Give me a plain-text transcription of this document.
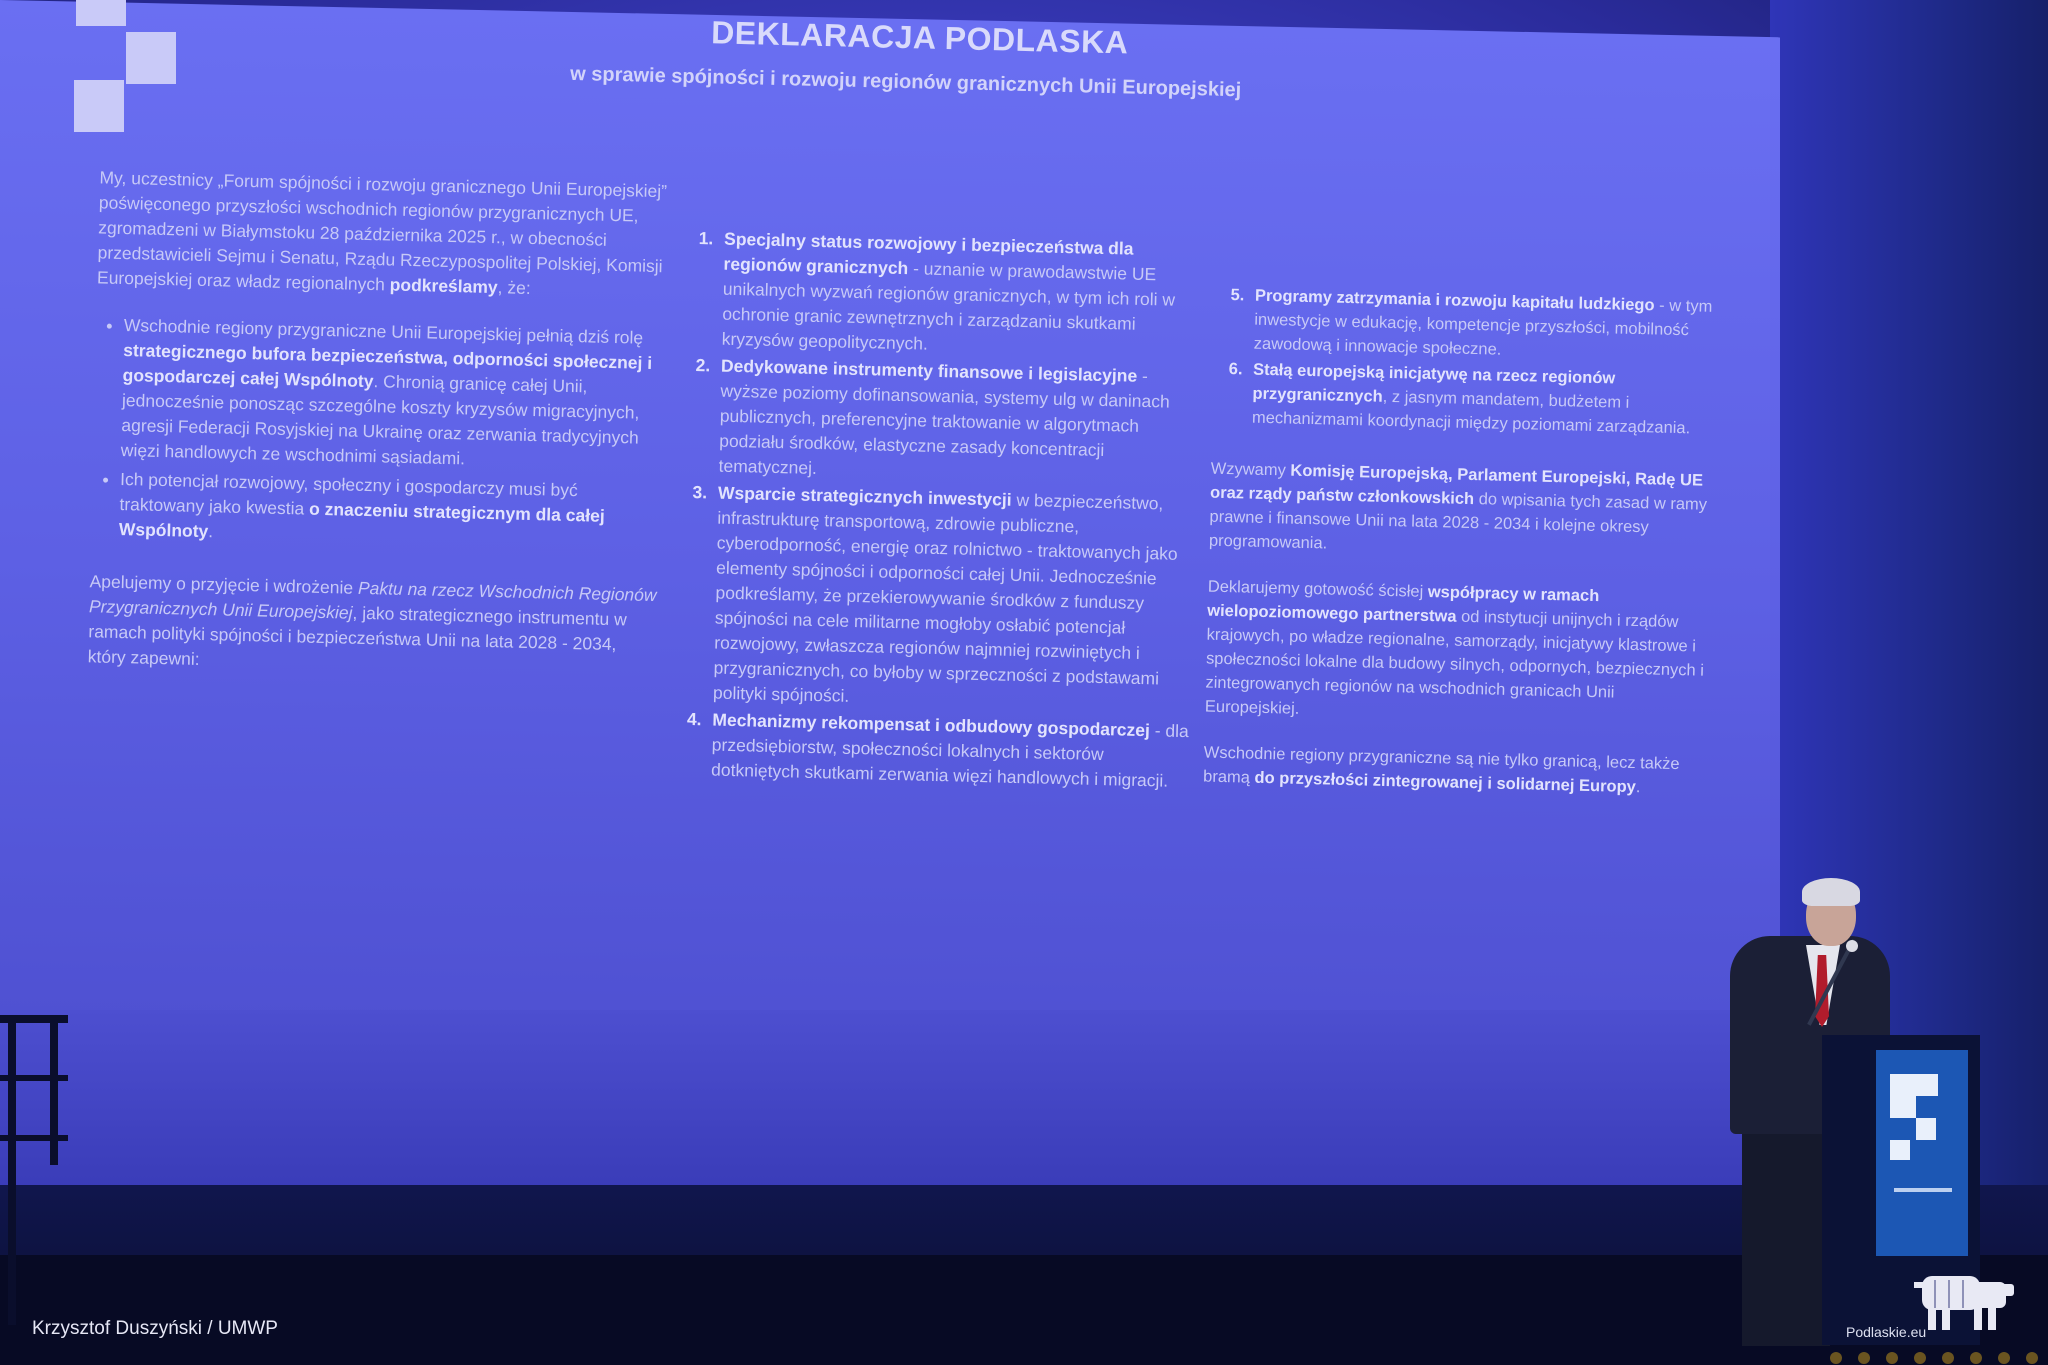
DEKLARACJA PODLASKA
w sprawie spójności i rozwoju regionów granicznych Unii Europejskiej

My, uczestnicy „Forum spójności i rozwoju granicznego Unii Europejskiej” poświęconego przyszłości wschodnich regionów przygranicznych UE, zgromadzeni w Białymstoku 28 października 2025 r., w obecności przedstawicieli Sejmu i Senatu, Rządu Rzeczypospolitej Polskiej, Komisji Europejskiej oraz władz regionalnych podkreślamy, że:

• Wschodnie regiony przygraniczne Unii Europejskiej pełnią dziś rolę strategicznego bufora bezpieczeństwa, odporności społecznej i gospodarczej całej Wspólnoty. Chronią granicę całej Unii, jednocześnie ponosząc szczególne koszty kryzysów migracyjnych, agresji Federacji Rosyjskiej na Ukrainę oraz zerwania tradycyjnych więzi handlowych ze wschodnimi sąsiadami.
• Ich potencjał rozwojowy, społeczny i gospodarczy musi być traktowany jako kwestia o znaczeniu strategicznym dla całej Wspólnoty.

Apelujemy o przyjęcie i wdrożenie Paktu na rzecz Wschodnich Regionów Przygranicznych Unii Europejskiej, jako strategicznego instrumentu w ramach polityki spójności i bezpieczeństwa Unii na lata 2028 - 2034, który zapewni:

1. Specjalny status rozwojowy i bezpieczeństwa dla regionów granicznych - uznanie w prawodawstwie UE unikalnych wyzwań regionów granicznych, w tym ich roli w ochronie granic zewnętrznych i zarządzaniu skutkami kryzysów geopolitycznych.
2. Dedykowane instrumenty finansowe i legislacyjne - wyższe poziomy dofinansowania, systemy ulg w daninach publicznych, preferencyjne traktowanie w algorytmach podziału środków, elastyczne zasady koncentracji tematycznej.
3. Wsparcie strategicznych inwestycji w bezpieczeństwo, infrastrukturę transportową, zdrowie publiczne, cyberodporność, energię oraz rolnictwo - traktowanych jako elementy spójności i odporności całej Unii. Jednocześnie podkreślamy, że przekierowywanie środków z funduszy spójności na cele militarne mogłoby osłabić potencjał rozwojowy, zwłaszcza regionów najmniej rozwiniętych i przygranicznych, co byłoby w sprzeczności z podstawami polityki spójności.
4. Mechanizmy rekompensat i odbudowy gospodarczej - dla przedsiębiorstw, społeczności lokalnych i sektorów dotkniętych skutkami zerwania więzi handlowych i migracji.
5. Programy zatrzymania i rozwoju kapitału ludzkiego - w tym inwestycje w edukację, kompetencje przyszłości, mobilność zawodową i innowacje społeczne.
6. Stałą europejską inicjatywę na rzecz regionów przygranicznych, z jasnym mandatem, budżetem i mechanizmami koordynacji między poziomami zarządzania.

Wzywamy Komisję Europejską, Parlament Europejski, Radę UE oraz rządy państw członkowskich do wpisania tych zasad w ramy prawne i finansowe Unii na lata 2028 - 2034 i kolejne okresy programowania.

Deklarujemy gotowość ścisłej współpracy w ramach wielopoziomowego partnerstwa od instytucji unijnych i rządów krajowych, po władze regionalne, samorządy, inicjatywy klastrowe i społeczności lokalne dla budowy silnych, odpornych, bezpiecznych i zintegrowanych regionów na wschodnich granicach Unii Europejskiej.

Wschodnie regiony przygraniczne są nie tylko granicą, lecz także bramą do przyszłości zintegrowanej i solidarnej Europy.

Krzysztof Duszyński / UMWP	Podlaskie.eu
